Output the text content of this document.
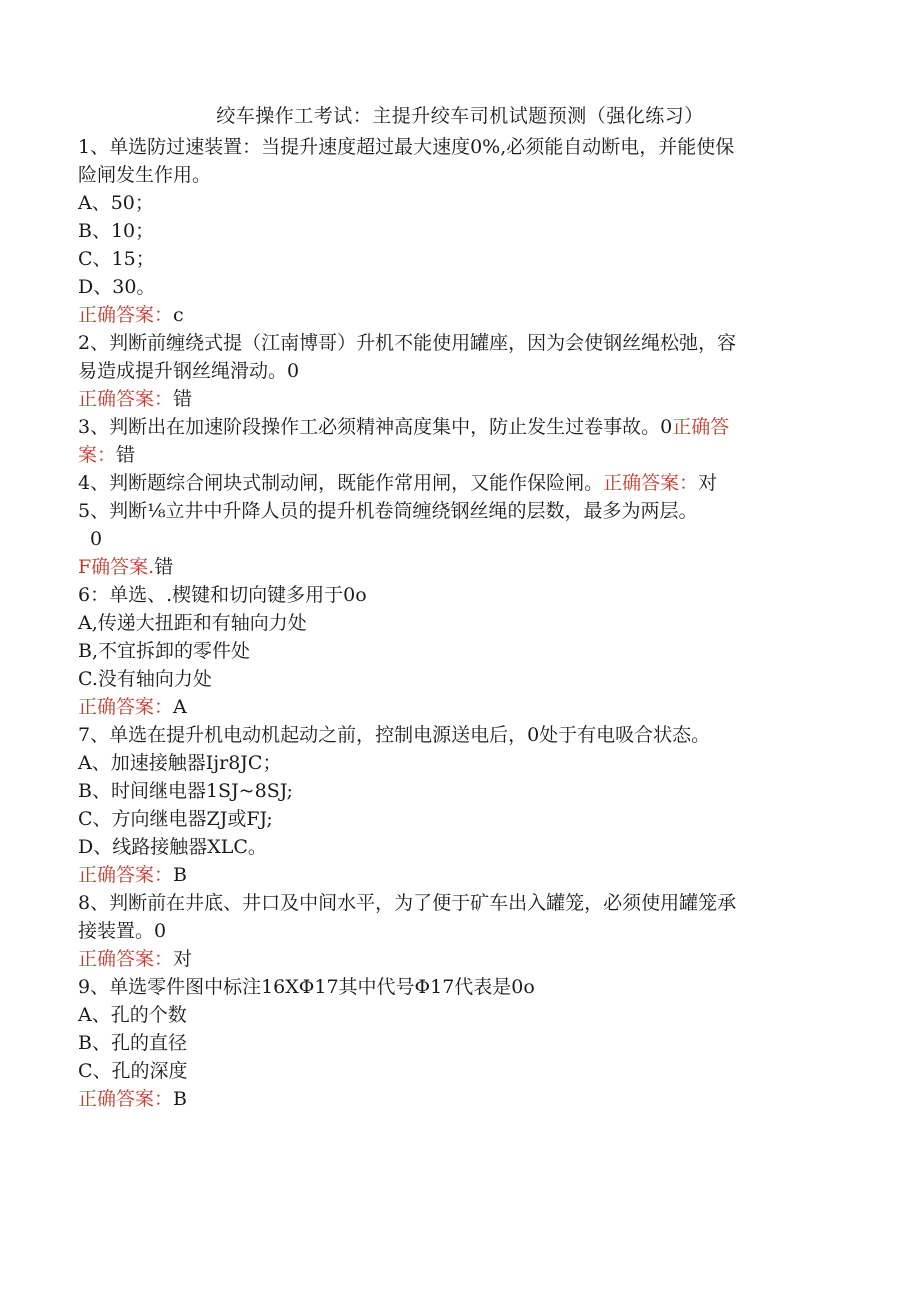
绞车操作工考试：主提升绞车司机试题预测（强化练习）
1、单选防过速装置：当提升速度超过最大速度0%,必须能自动断电，并能使保
险闸发生作用。
A、50；
B、10；
C、15；
D、30。
正确答案：c
2、判断前缠绕式提（江南博哥）升机不能使用罐座，因为会使钢丝绳松弛，容
易造成提升钢丝绳滑动。0
正确答案：错
3、判断出在加速阶段操作工必须精神高度集中，防止发生过卷事故。0正确答
案：错
4、判断题综合闸块式制动闸，既能作常用闸，又能作保险闸。正确答案：对
5、判断⅛立井中升降人员的提升机卷筒缠绕钢丝绳的层数，最多为两层。
0
F确答案.错
6：单选、.楔键和切向键多用于0o
A,传递大扭距和有轴向力处
B,不宜拆卸的零件处
C.没有轴向力处
正确答案：A
7、单选在提升机电动机起动之前，控制电源送电后，0处于有电吸合状态。
A、加速接触器Ijr8JC；
B、时间继电器1SJ~8SJ;
C、方向继电器ZJ或FJ;
D、线路接触器XLC。
正确答案：B
8、判断前在井底、井口及中间水平，为了便于矿车出入罐笼，必须使用罐笼承
接装置。0
正确答案：对
9、单选零件图中标注16XΦ17其中代号Φ17代表是0o
A、孔的个数
B、孔的直径
C、孔的深度
正确答案：B
